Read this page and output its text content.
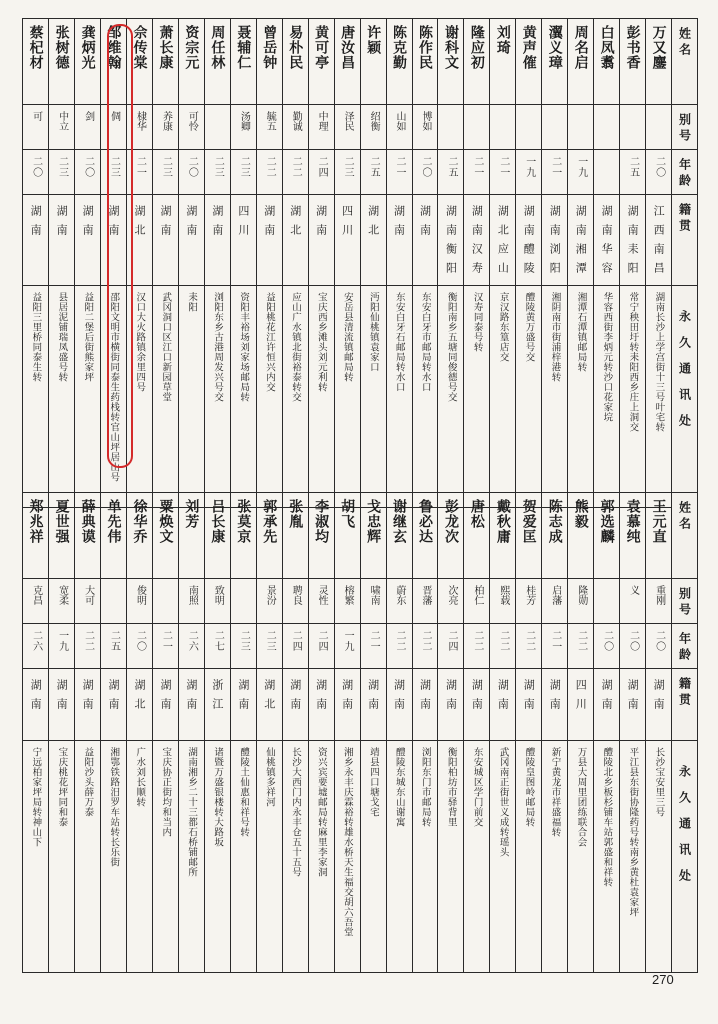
姓名	万又鏖	彭书香	白凤翥	周名启	瀷义璋	黄声傕	刘琦	隆应初	谢科文	陈作民	陈克勤	许颖	唐汝昌	黄可亭	易朴民	曾岳钟	聂辅仁	周任林	资宗元	萧长康	佘传棠	邹维翰	龚炳光	张树德	蔡杞材
别号										博如	山如	绍衡	泽民	中理	勤诚	毓五	汤卿		可怜	养康	棣华	倜	剑	中立	可
年龄	二〇	二五		一九	二一	一九	二一	二一	二五	二〇	二一	二五	二三	二四	二二	二二	二三	二三	二〇	二三	二一	二三	二〇	二三	二〇
籍贯	江西南昌	湖南耒阳	湖南华容	湖南湘潭	湖南浏阳	湖南醴陵	湖北应山	湖南汉寿	湖南衡阳	湖南	湖南	湖北	四川	湖南	湖北	湖南	四川	湖南	湖南	湖南	湖北	湖南	湖南	湖南	湖南
永久通讯处	湖南长沙上学宫街十三号叶宅转	常宁秧田圩转耒阳西乡庄上洞交	华容西街李炳元转沙口花家垸	湘潭石潭镇邮局转	湘阴南市街浦梓港转	醴陵黄万盛号交	京汉路东篁店交	汉寿同泰号转	衡阳南乡五塘同俊德号交	东安白牙市邮局转水口	东安白牙石邮局转水口	沔阳仙桃镇袁家口	安岳县清流镇邮局转	宝庆西乡滩头刘元利转	应山广水镇北街裕泰转交	益阳桃花江许恒兴内交	资阳丰裕场刘家场邮局转	浏阳东乡古港周发兴号交	耒阳	武冈洞口区江口新园草堂	汉口大火路镇余里四号	邵阳文明市横街同泰生药栈转官山坪居山号	益阳二堡后街熊家坪	县居泥铺瑞凤盛号转	益阳三里桥同泰生转
姓名	王元直	袁慕纯	郭选麟	熊毅	陈志成	贺爱匡	戴秋庸	唐松	彭龙次	鲁必达	谢继玄	戈忠辉	胡飞	李淑均	张胤	郭承先	张莫京	吕长康	刘芳	粟焕文	徐华乔	单先伟	薛典谟	夏世强	郑兆祥
别号	重刚	义		隆勋	启藩	桂芳	熙载	柏仁	次亮	晋藩	蔚东	啸南	榕繁	灵性	聘良	景汾		致明	南照		俊明		大可	宽柔	克昌
年龄	二〇	二〇	二〇	二二	二一	二二	二二	二二	二四	二二	二二	二一	一九	二四	二四	二三	二三	二七	二六	二一	二〇	二五	二二	一九	二六
籍贯	湖南	湖南	湖南	四川	湖南	湖南	湖南	湖南	湖南	湖南	湖南	湖南	湖南	湖南	湖南	湖北	湖南	浙江	湖南	湖南	湖北	湖南	湖南	湖南	湖南
永久通讯处	长沙宝安里三号	平江县东街协隆药号转南乡黄杜袁家坪	醴陵北乡板杉铺车站郭盛和祥转	万县大周里团练联合会	新宁黄龙市祥盛福转	醴陵皇图岭邮局转	武冈南正街世义成转瑶头	东安城区学门前交	衡阳柏坊市驿背里	浏阳东门市邮局转	醴陵东城东山谢寓	靖县四口塘戈宅	湘乡永丰庆霖裕转雄水桥天生福交胡六吾堂	资兴宾要墟邮局转麻里李家洞	长沙大西门内永丰仓五十五号	仙桃镇多祥河	醴陵土仙惠和祥号转	诸暨万盛银楼转大路坂	湖南湘乡二十三都石桥铺邮所	宝庆协正街均和当内	广水刘长顺转	湘鄂铁路汨罗车站转长乐街	益阳沙头薛万泰	宝庆桃花坪同和泰	宁远柏家坪局转神山下
270
